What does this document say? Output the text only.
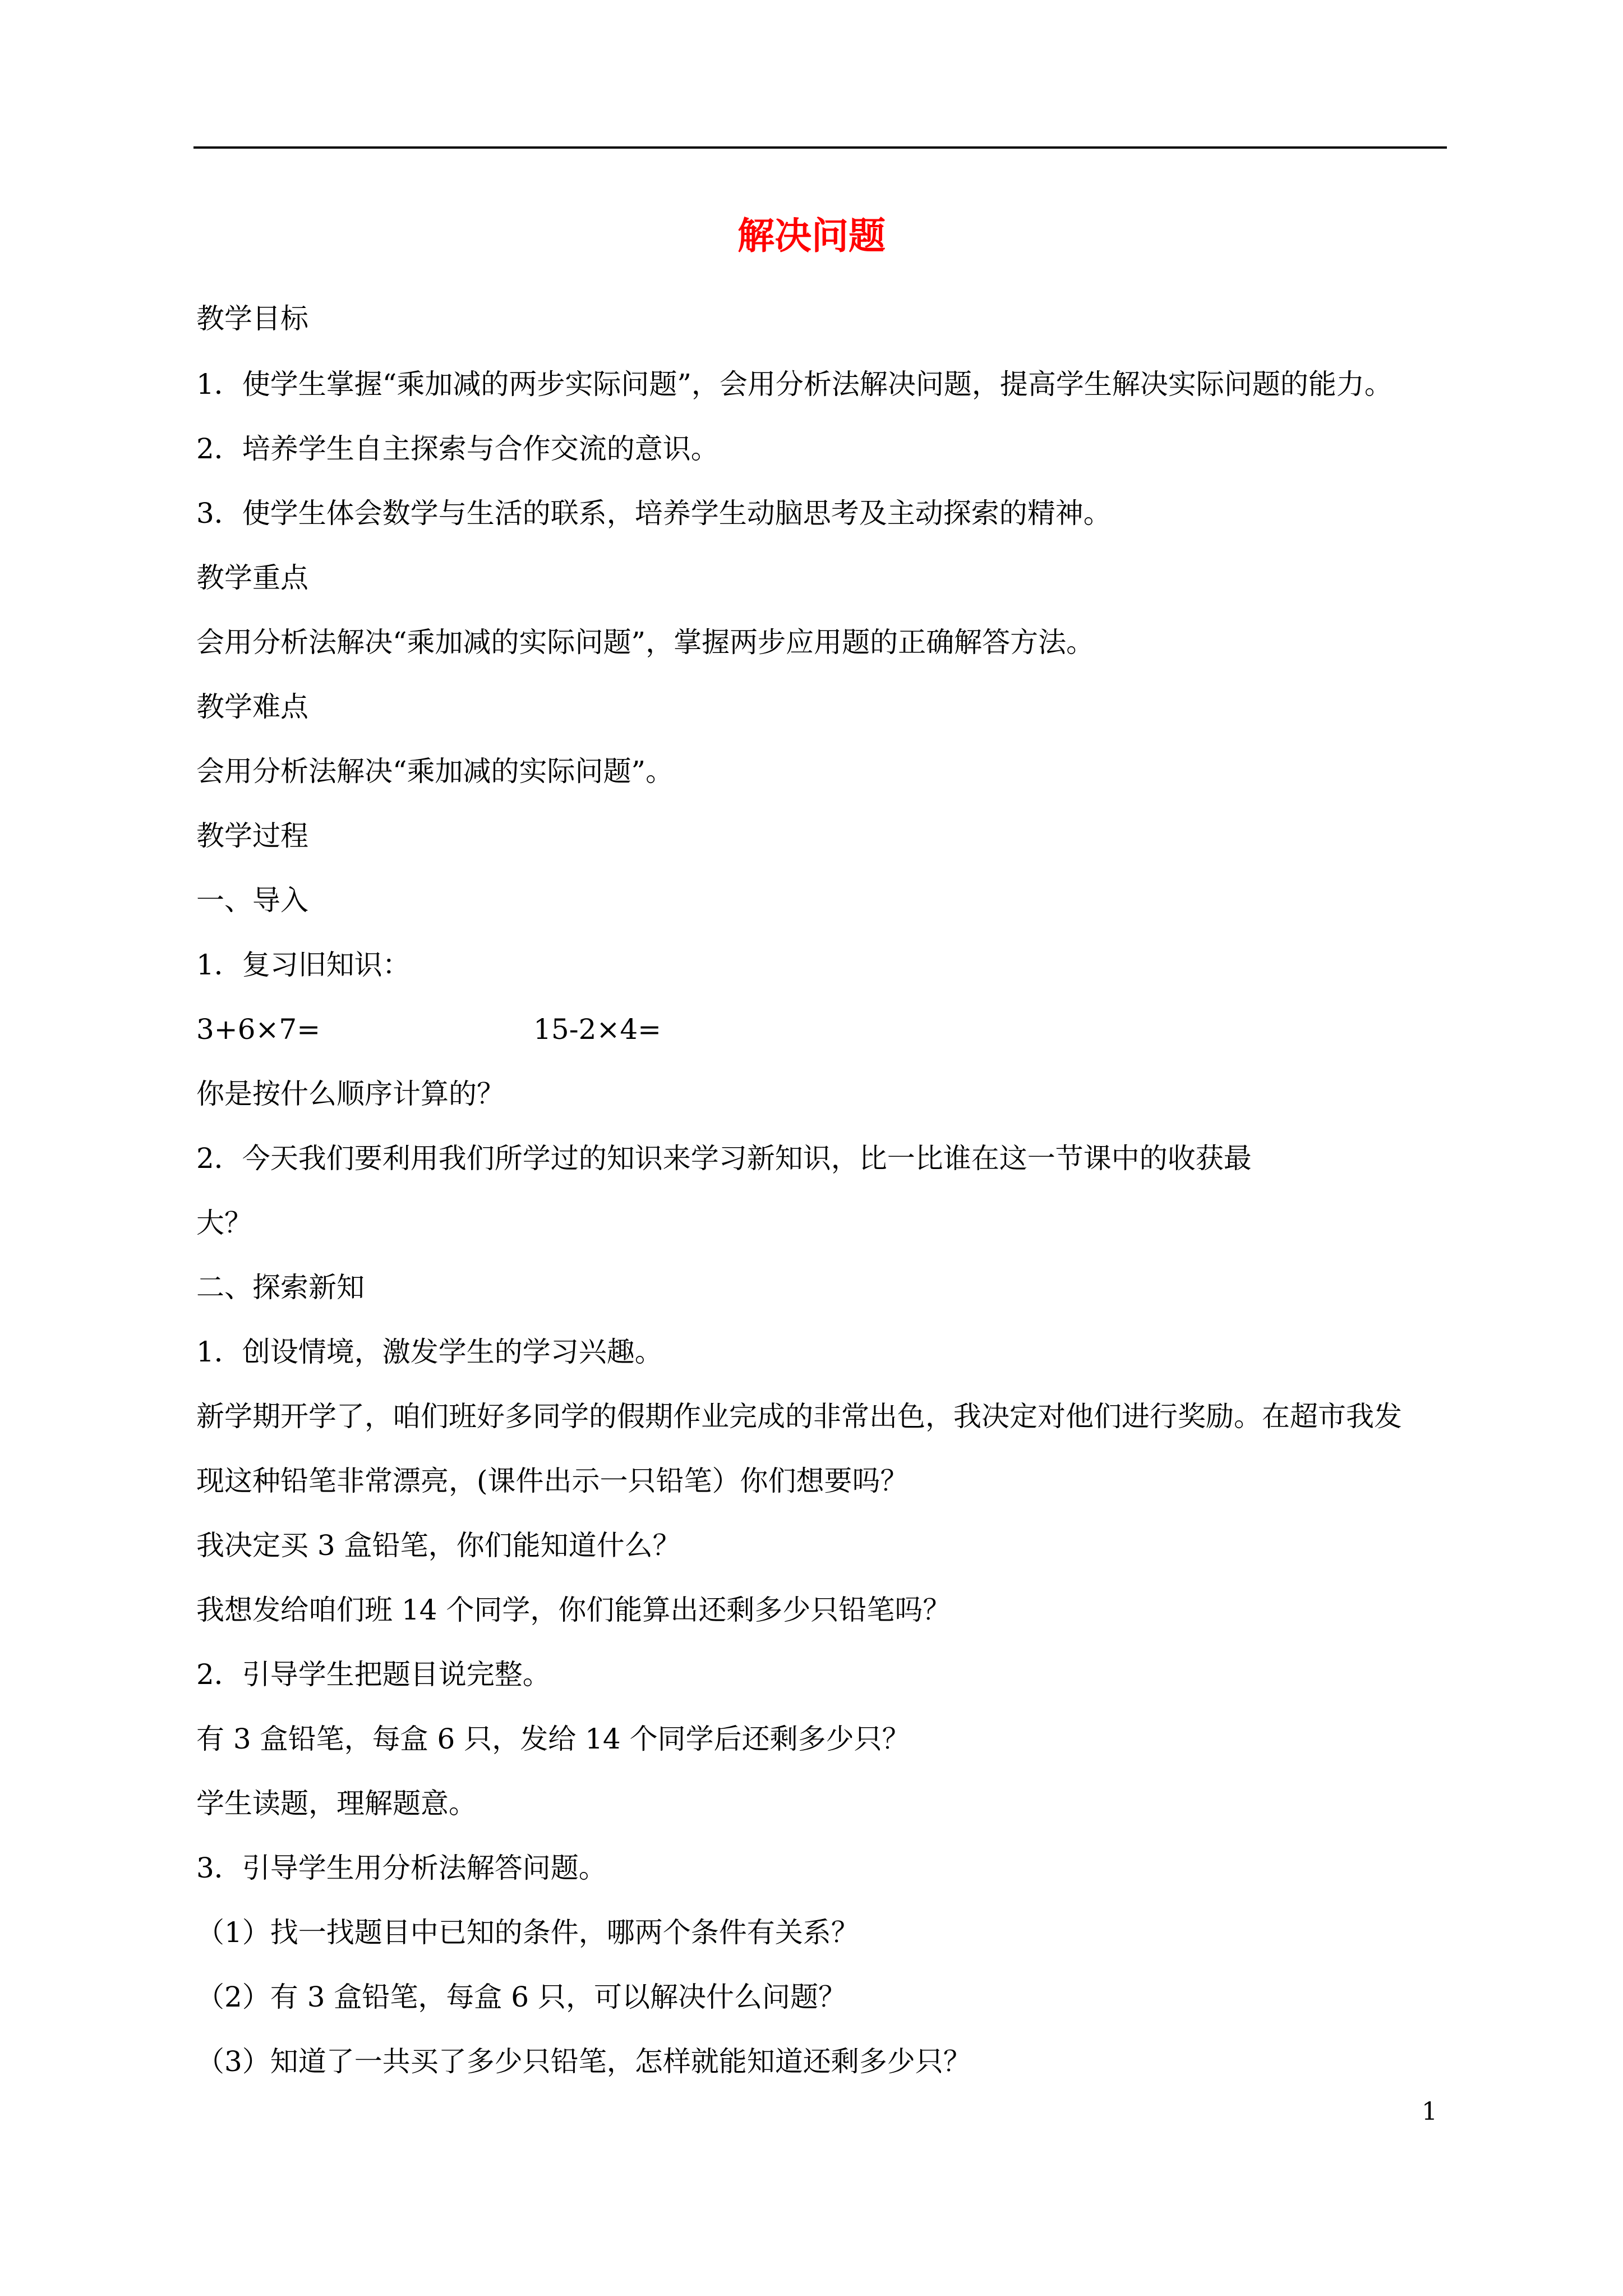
解决问题
教学目标
1．使学生掌握“乘加减的两步实际问题”，会用分析法解决问题，提高学生解决实际问题的能力。
2．培养学生自主探索与合作交流的意识。
3．使学生体会数学与生活的联系，培养学生动脑思考及主动探索的精神。
教学重点
会用分析法解决“乘加减的实际问题”，掌握两步应用题的正确解答方法。
教学难点
会用分析法解决“乘加减的实际问题”。
教学过程
一、导入
1．复习旧知识：
3+6×7=	15-2×4=
你是按什么顺序计算的？
2．今天我们要利用我们所学过的知识来学习新知识，比一比谁在这一节课中的收获最
大？
二、探索新知
1．创设情境，激发学生的学习兴趣。
新学期开学了，咱们班好多同学的假期作业完成的非常出色，我决定对他们进行奖励。在超市我发
现这种铅笔非常漂亮，(课件出示一只铅笔）你们想要吗？
我决定买 3 盒铅笔，你们能知道什么？
我想发给咱们班 14 个同学，你们能算出还剩多少只铅笔吗？
2．引导学生把题目说完整。
有 3 盒铅笔，每盒 6 只，发给 14 个同学后还剩多少只？
学生读题，理解题意。
3．引导学生用分析法解答问题。
（1）找一找题目中已知的条件，哪两个条件有关系？
（2）有 3 盒铅笔，每盒 6 只，可以解决什么问题？
（3）知道了一共买了多少只铅笔，怎样就能知道还剩多少只？
1
